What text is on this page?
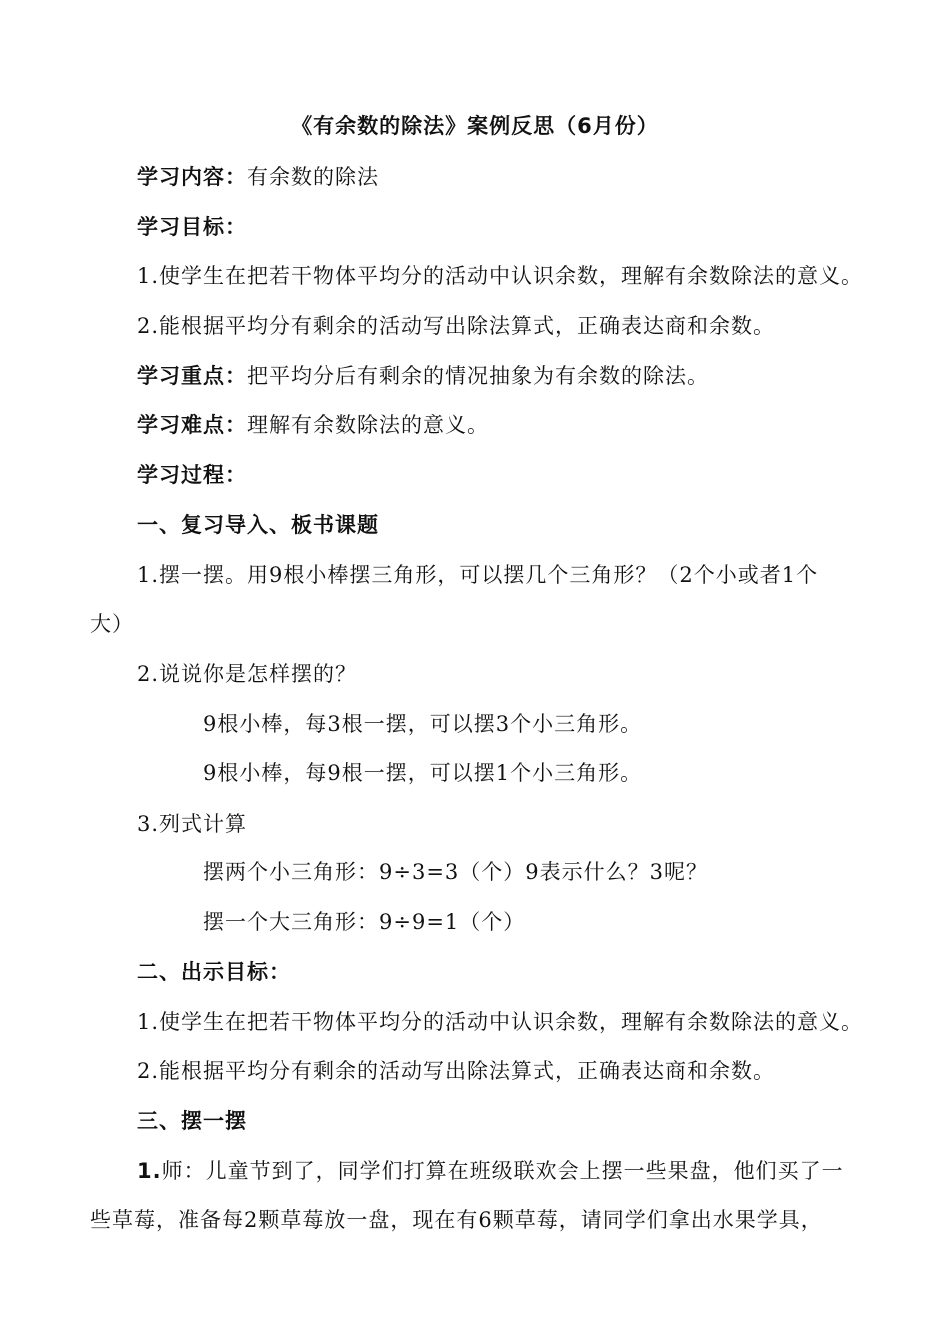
《有余数的除法》案例反思（6月份）
学习内容：有余数的除法
学习目标：
1.使学生在把若干物体平均分的活动中认识余数，理解有余数除法的意义。
2.能根据平均分有剩余的活动写出除法算式，正确表达商和余数。
学习重点：把平均分后有剩余的情况抽象为有余数的除法。
学习难点：理解有余数除法的意义。
学习过程：
一、复习导入、板书课题
1.摆一摆。用9根小棒摆三角形，可以摆几个三角形？（2个小或者1个
大）
2.说说你是怎样摆的？
9根小棒，每3根一摆，可以摆3个小三角形。
9根小棒，每9根一摆，可以摆1个小三角形。
3.列式计算
摆两个小三角形：9÷3=3（个）9表示什么？3呢？
摆一个大三角形：9÷9=1（个）
二、出示目标：
1.使学生在把若干物体平均分的活动中认识余数，理解有余数除法的意义。
2.能根据平均分有剩余的活动写出除法算式，正确表达商和余数。
三、摆一摆
1.师：儿童节到了，同学们打算在班级联欢会上摆一些果盘，他们买了一
些草莓，准备每2颗草莓放一盘，现在有6颗草莓，请同学们拿出水果学具，
